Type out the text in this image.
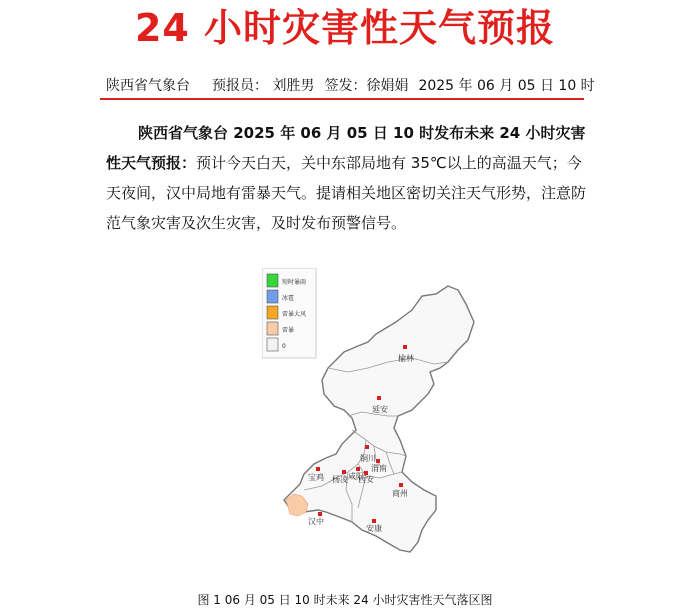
24 小时灾害性天气预报
陕西省气象台 预报员： 刘胜男 签发：徐娟娟 2025 年 06 月 05 日 10 时
陕西省气象台 2025 年 06 月 05 日 10 时发布未来 24 小时灾害性天气预报：预计今天白天，关中东部局地有 35℃以上的高温天气；今天夜间，汉中局地有雷暴天气。提请相关地区密切关注天气形势，注意防范气象灾害及次生灾害，及时发布预警信号。
短时暴雨
冰雹
雷暴大风
雷暴
0
榆林
延安
铜川
渭南
宝鸡 杨凌 咸阳
西安
商州
汉中
安康
图 1 06 月 05 日 10 时未来 24 小时灾害性天气落区图
